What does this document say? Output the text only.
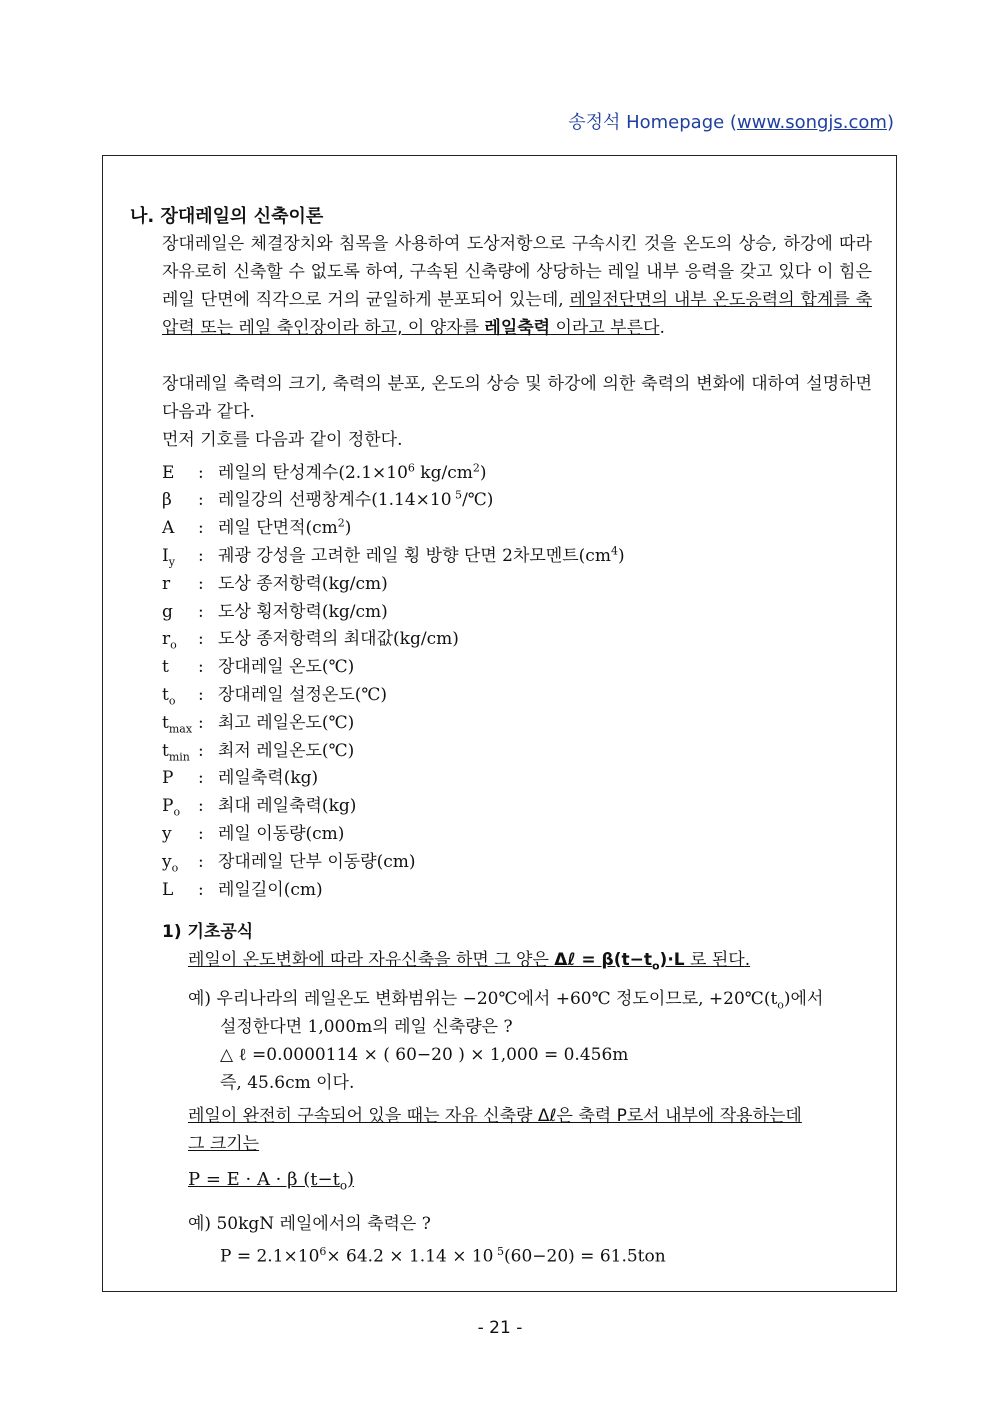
송정석 Homepage (www.songjs.com)
나. 장대레일의 신축이론
장대레일은 체결장치와 침목을 사용하여 도상저항으로 구속시킨 것을 온도의 상승, 하강에 따라 자유로히 신축할 수 없도록 하여, 구속된 신축량에 상당하는 레일 내부 응력을 갖고 있다 이 힘은 레일 단면에 직각으로 거의 균일하게 분포되어 있는데, 레일전단면의 내부 온도응력의 합계를 축압력 또는 레일 축인장이라 하고, 이 양자를 레일축력 이라고 부른다.
장대레일 축력의 크기, 축력의 분포, 온도의 상승 및 하강에 의한 축력의 변화에 대하여 설명하면 다음과 같다.
먼저 기호를 다음과 같이 정한다.
E : 레일의 탄성계수($2.1\times 10^6$ $kg/cm^2$)
β : 레일강의 선팽창계수(1.14×10 $^5$/℃)
A : 레일 단면적$(cm^2)$
$I_y$ : 궤광 강성을 고려한 레일 횡 방향 단면 2차모멘트$(cm^4)$
r : 도상 종저항력(kg/cm)
g : 도상 횡저항력(kg/cm)
$r_o$ : 도상 종저항력의 최대값(kg/cm)
t : 장대레일 온도(℃)
$t_o$ : 장대레일 설정온도(℃)
$t_{max}$ : 최고 레일온도(℃)
$t_{min}$ : 최저 레일온도(℃)
P : 레일축력(kg)
$P_o$ : 최대 레일축력(kg)
y : 레일 이동량(cm)
$y_o$ : 장대레일 단부 이동량(cm)
L : 레일길이(cm)
1) 기초공식
레일이 온도변화에 따라 자유신축을 하면 그 양은 Δℓ = $\beta(t-t_o)\cdot L$ 로 된다.
예) 우리나라의 레일온도 변화범위는 −20℃에서 +60℃ 정도이므로, $+20℃(t_o)$에서
설정한다면 1,000m의 레일 신축량은 ?
△ ℓ =0.0000114 × ( 60−20 ) × 1,000 = 0.456m
즉, 45.6cm 이다.
레일이 완전히 구속되어 있을 때는 자유 신축량 Δℓ은 축력 P로서 내부에 작용하는데
그 크기는
P = E · A · β $(t-t_o)$
예) 50kgN 레일에서의 축력은 ?
$P = 2.1\times 10^6\times 64.2 \times 1.14 \times 10$ $^5$(60−20) = 61.5ton
- 21 -
